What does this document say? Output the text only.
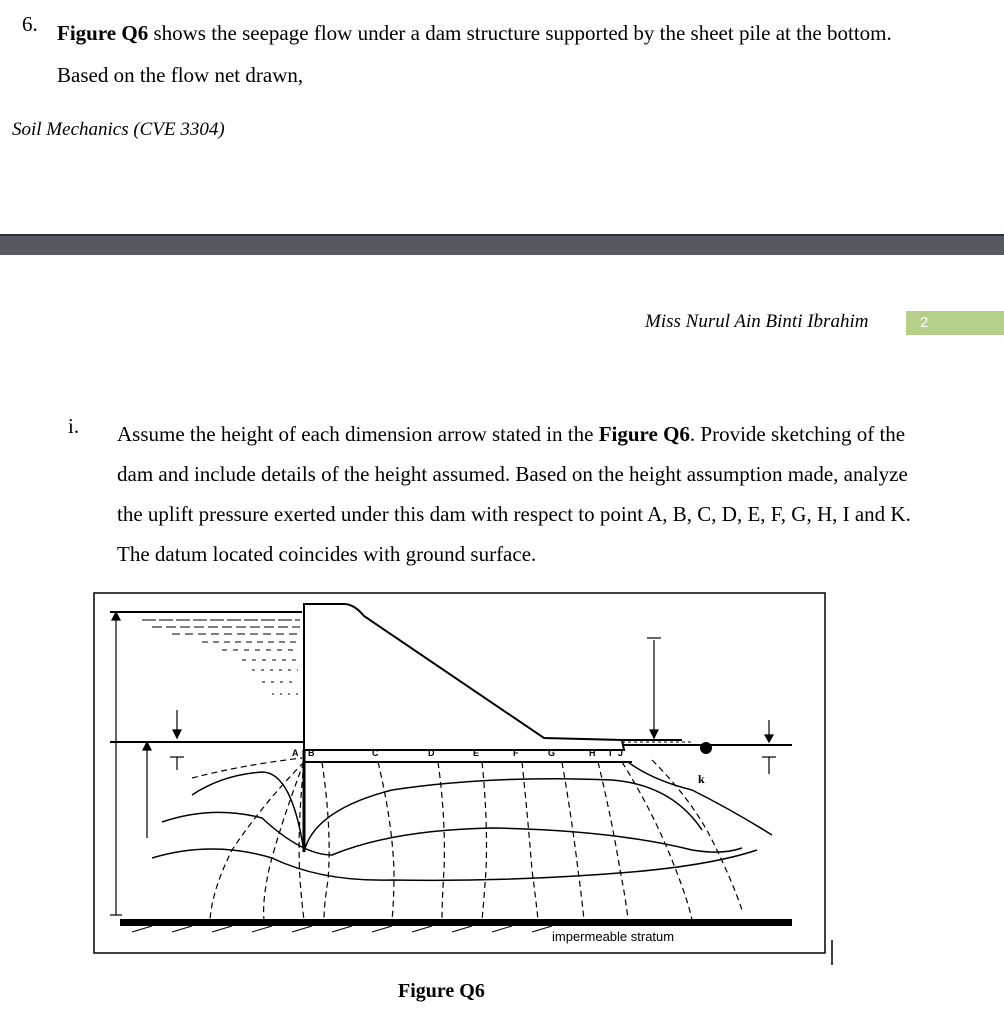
6. Figure Q6 shows the seepage flow under a dam structure supported by the sheet pile at the bottom. Based on the flow net drawn,
Soil Mechanics (CVE 3304)
Miss Nurul Ain Binti Ibrahim	2
i. Assume the height of each dimension arrow stated in the Figure Q6. Provide sketching of the dam and include details of the height assumed. Based on the height assumption made, analyze the uplift pressure exerted under this dam with respect to point A, B, C, D, E, F, G, H, I and K. The datum located coincides with ground surface.
A B	C	D	E	F	G	H I J
k
impermeable stratum
Figure Q6
